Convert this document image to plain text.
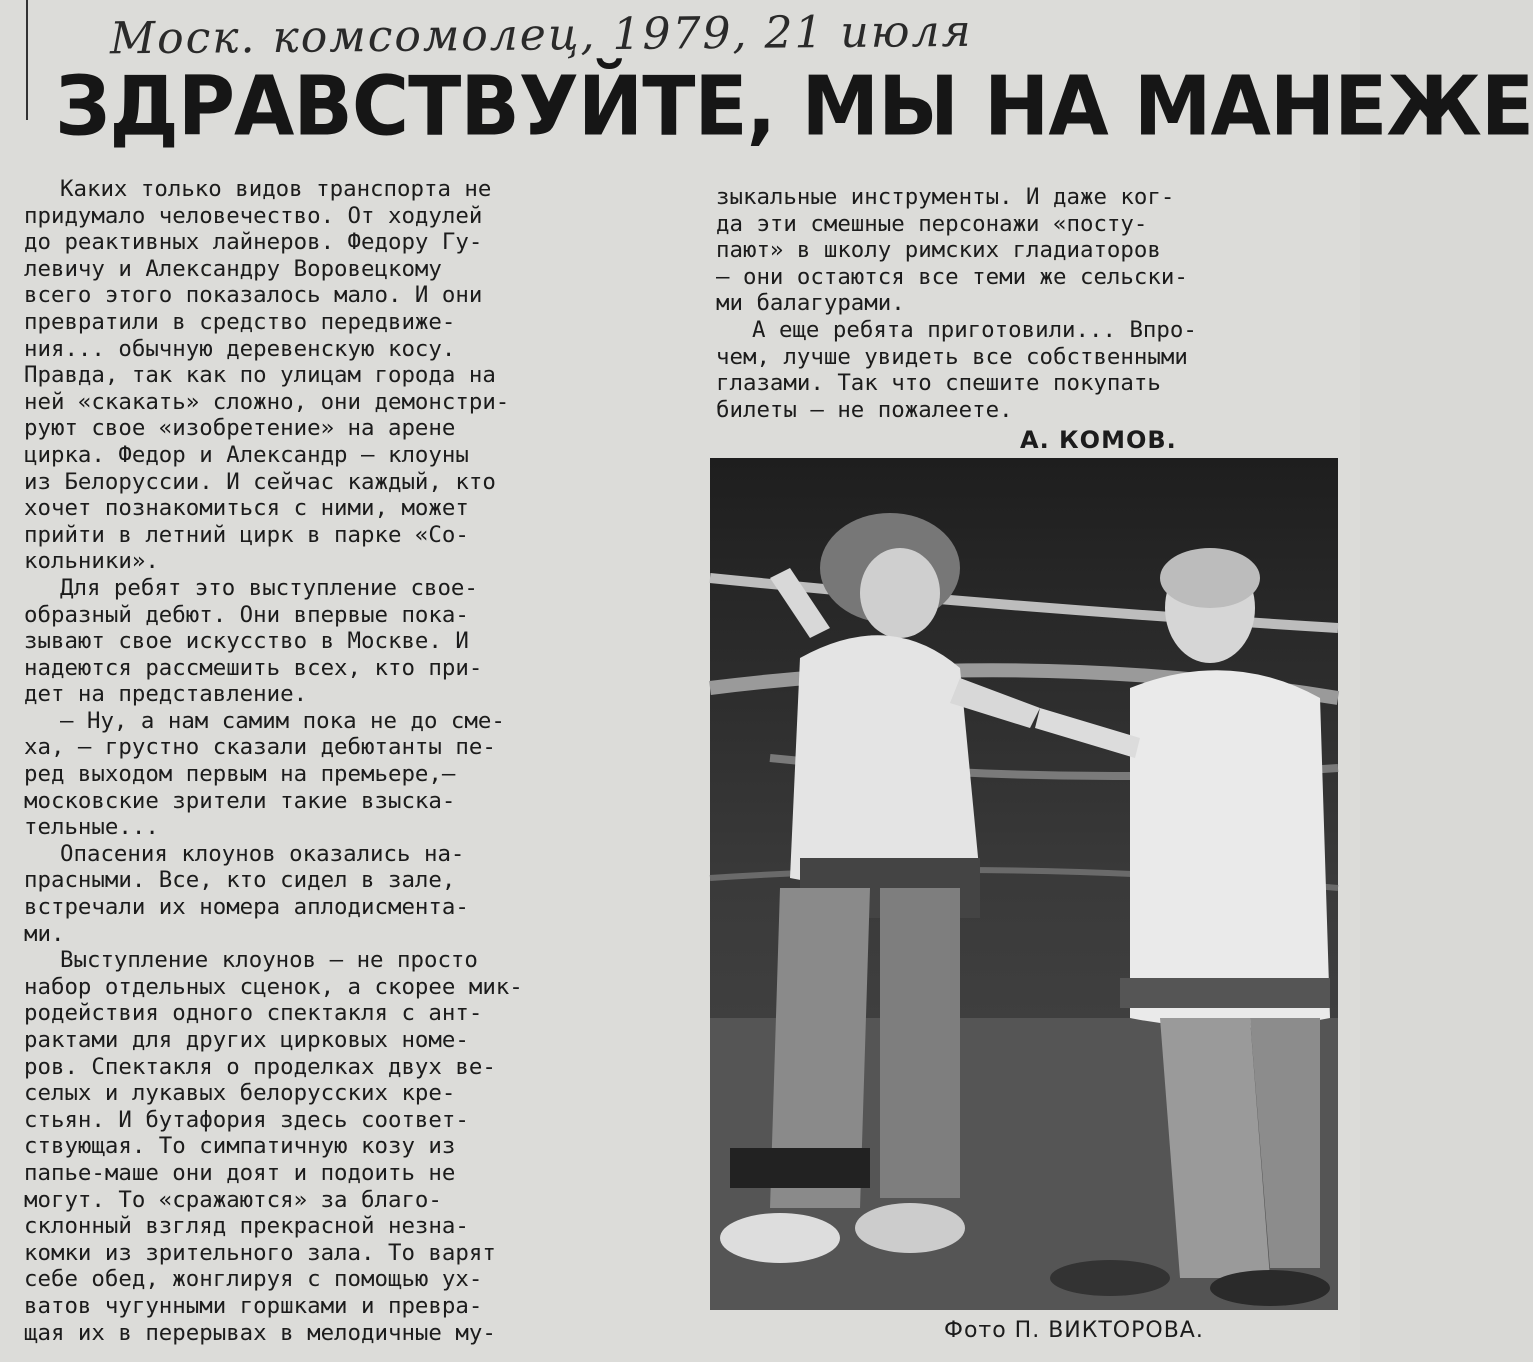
Моск. комсомолец, 1979, 21 июля
ЗДРАВСТВУЙТЕ, МЫ НА МАНЕЖЕ

Каких только видов транспорта не
придумало человечество. От ходулей
до реактивных лайнеров. Федору Гу-
левичу и Александру Воровецкому
всего этого показалось мало. И они
превратили в средство передвиже-
ния... обычную деревенскую косу.
Правда, так как по улицам города на
ней «скакать» сложно, они демонстри-
руют свое «изобретение» на арене
цирка. Федор и Александр — клоуны
из Белоруссии. И сейчас каждый, кто
хочет познакомиться с ними, может
прийти в летний цирк в парке «Со-
кольники».

Для ребят это выступление свое-
образный дебют. Они впервые пока-
зывают свое искусство в Москве. И
надеются рассмешить всех, кто при-
дет на представление.

— Ну, а нам самим пока не до сме-
ха, — грустно сказали дебютанты пе-
ред выходом первым на премьере,—
московские зрители такие взыска-
тельные...

Опасения клоунов оказались на-
прасными. Все, кто сидел в зале,
встречали их номера аплодисмента-
ми.

Выступление клоунов — не просто
набор отдельных сценок, а скорее мик-
родействия одного спектакля с ант-
рактами для других цирковых номе-
ров. Спектакля о проделках двух ве-
селых и лукавых белорусских кре-
стьян. И бутафория здесь соответ-
ствующая. То симпатичную козу из
папье-маше они доят и подоить не
могут. То «сражаются» за благо-
склонный взгляд прекрасной незна-
комки из зрительного зала. То варят
себе обед, жонглируя с помощью ух-
ватов чугунными горшками и превра-
щая их в перерывах в мелодичные му-

зыкальные инструменты. И даже ког-
да эти смешные персонажи «посту-
пают» в школу римских гладиаторов
— они остаются все теми же сельски-
ми балагурами.

А еще ребята приготовили... Впро-
чем, лучше увидеть все собственными
глазами. Так что спешите покупать
билеты — не пожалеете.

А. КОМОВ.
Фото П. ВИКТОРОВА.
